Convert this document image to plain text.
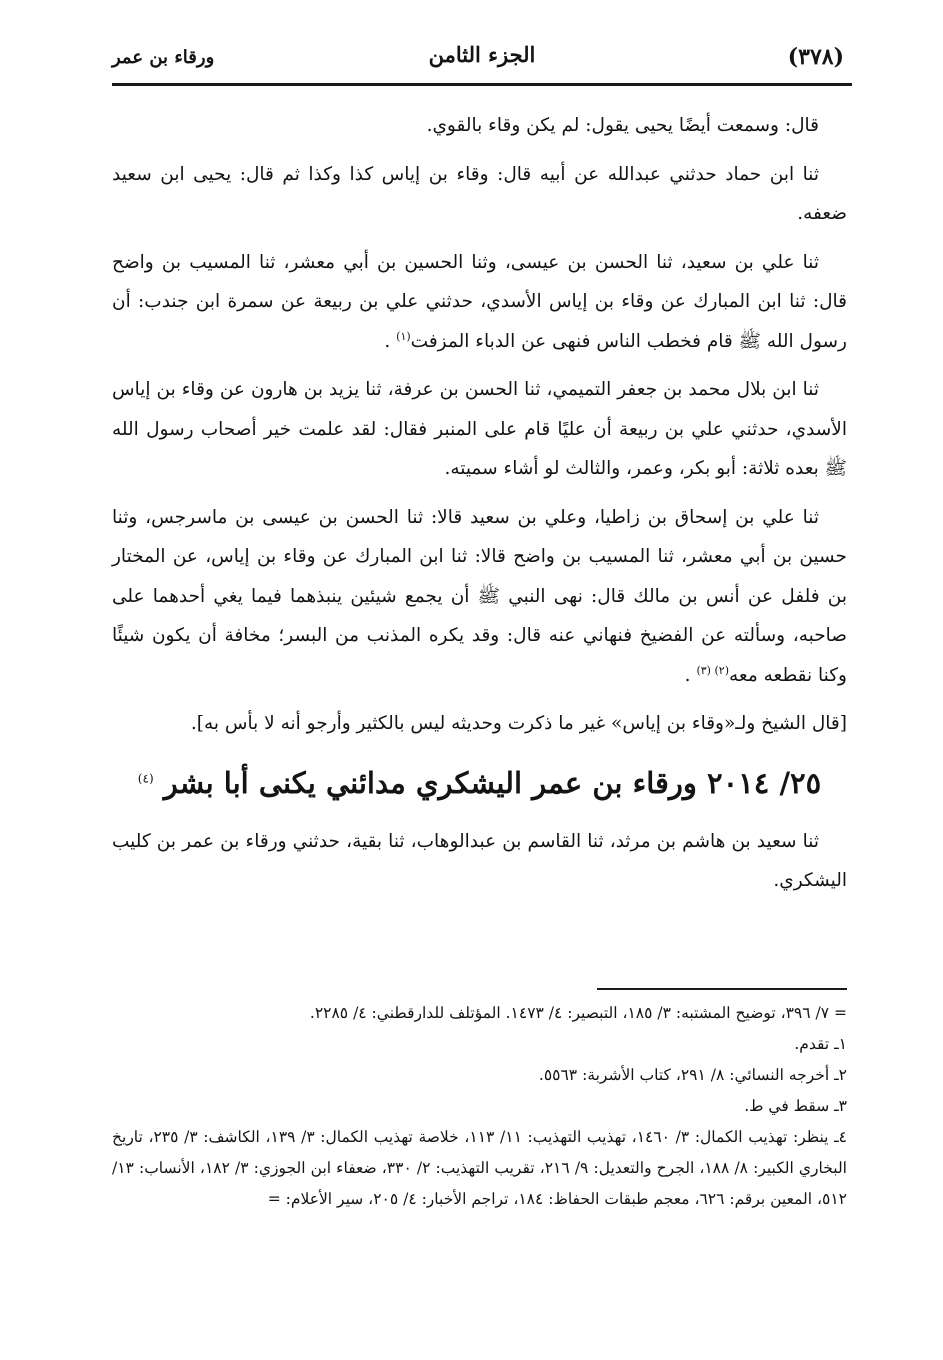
(٣٧٨)
الجزء الثامن
ورقاء بن عمر

قال: وسمعت أيضًا يحيى يقول: لم يكن وقاء بالقوي.

ثنا ابن حماد حدثني عبدالله عن أبيه قال: وقاء بن إياس كذا وكذا ثم قال: يحيى ابن سعيد ضعفه.

ثنا علي بن سعيد، ثنا الحسن بن عيسى، وثنا الحسين بن أبي معشر، ثنا المسيب بن واضح قال: ثنا ابن المبارك عن وقاء بن إياس الأسدي، حدثني علي بن ربيعة عن سمرة ابن جندب: أن رسول الله ﷺ قام فخطب الناس فنهى عن الدباء المزفت$^{(١)}$ .

ثنا ابن بلال محمد بن جعفر التميمي، ثنا الحسن بن عرفة، ثنا يزيد بن هارون عن وقاء بن إياس الأسدي، حدثني علي بن ربيعة أن عليًا قام على المنبر فقال: لقد علمت خير أصحاب رسول الله ﷺ بعده ثلاثة: أبو بكر، وعمر، والثالث لو أشاء سميته.

ثنا علي بن إسحاق بن زاطيا، وعلي بن سعيد قالا: ثنا الحسن بن عيسى بن ماسرجس، وثنا حسين بن أبي معشر، ثنا المسيب بن واضح قالا: ثنا ابن المبارك عن وقاء بن إياس، عن المختار بن فلفل عن أنس بن مالك قال: نهى النبي ﷺ أن يجمع شيئين ينبذهما فيما يغي أحدهما على صاحبه، وسألته عن الفضيخ فنهاني عنه قال: وقد يكره المذنب من البسر؛ مخافة أن يكون شيئًا وكنا نقطعه معه$^{(٢) (٣)}$ .

[قال الشيخ ولـ«وقاء بن إياس» غير ما ذكرت وحديثه ليس بالكثير وأرجو أنه لا بأس به].

٢٥/ ٢٠١٤ ورقاء بن عمر اليشكري مدائني يكنى أبا بشر $^{(٤)}$

ثنا سعيد بن هاشم بن مرثد، ثنا القاسم بن عبدالوهاب، ثنا بقية، حدثني ورقاء بن عمر بن كليب اليشكري.

= ٧/ ٣٩٦، توضيح المشتبه: ٣/ ١٨٥، التبصير: ٤/ ١٤٧٣. المؤتلف للدارقطني: ٤/ ٢٢٨٥.

١ـ تقدم.

٢ـ أخرجه النسائي: ٨/ ٢٩١، كتاب الأشربة: ٥٥٦٣.

٣ـ سقط في ط.

٤ـ ينظر: تهذيب الكمال: ٣/ ١٤٦٠، تهذيب التهذيب: ١١/ ١١٣، خلاصة تهذيب الكمال: ٣/ ١٣٩، الكاشف: ٣/ ٢٣٥، تاريخ البخاري الكبير: ٨/ ١٨٨، الجرح والتعديل: ٩/ ٢١٦، تقريب التهذيب: ٢/ ٣٣٠، ضعفاء ابن الجوزي: ٣/ ١٨٢، الأنساب: ١٣/ ٥١٢، المعين برقم: ٦٢٦، معجم طبقات الحفاظ: ١٨٤، تراجم الأخبار: ٤/ ٢٠٥، سير الأعلام: =
